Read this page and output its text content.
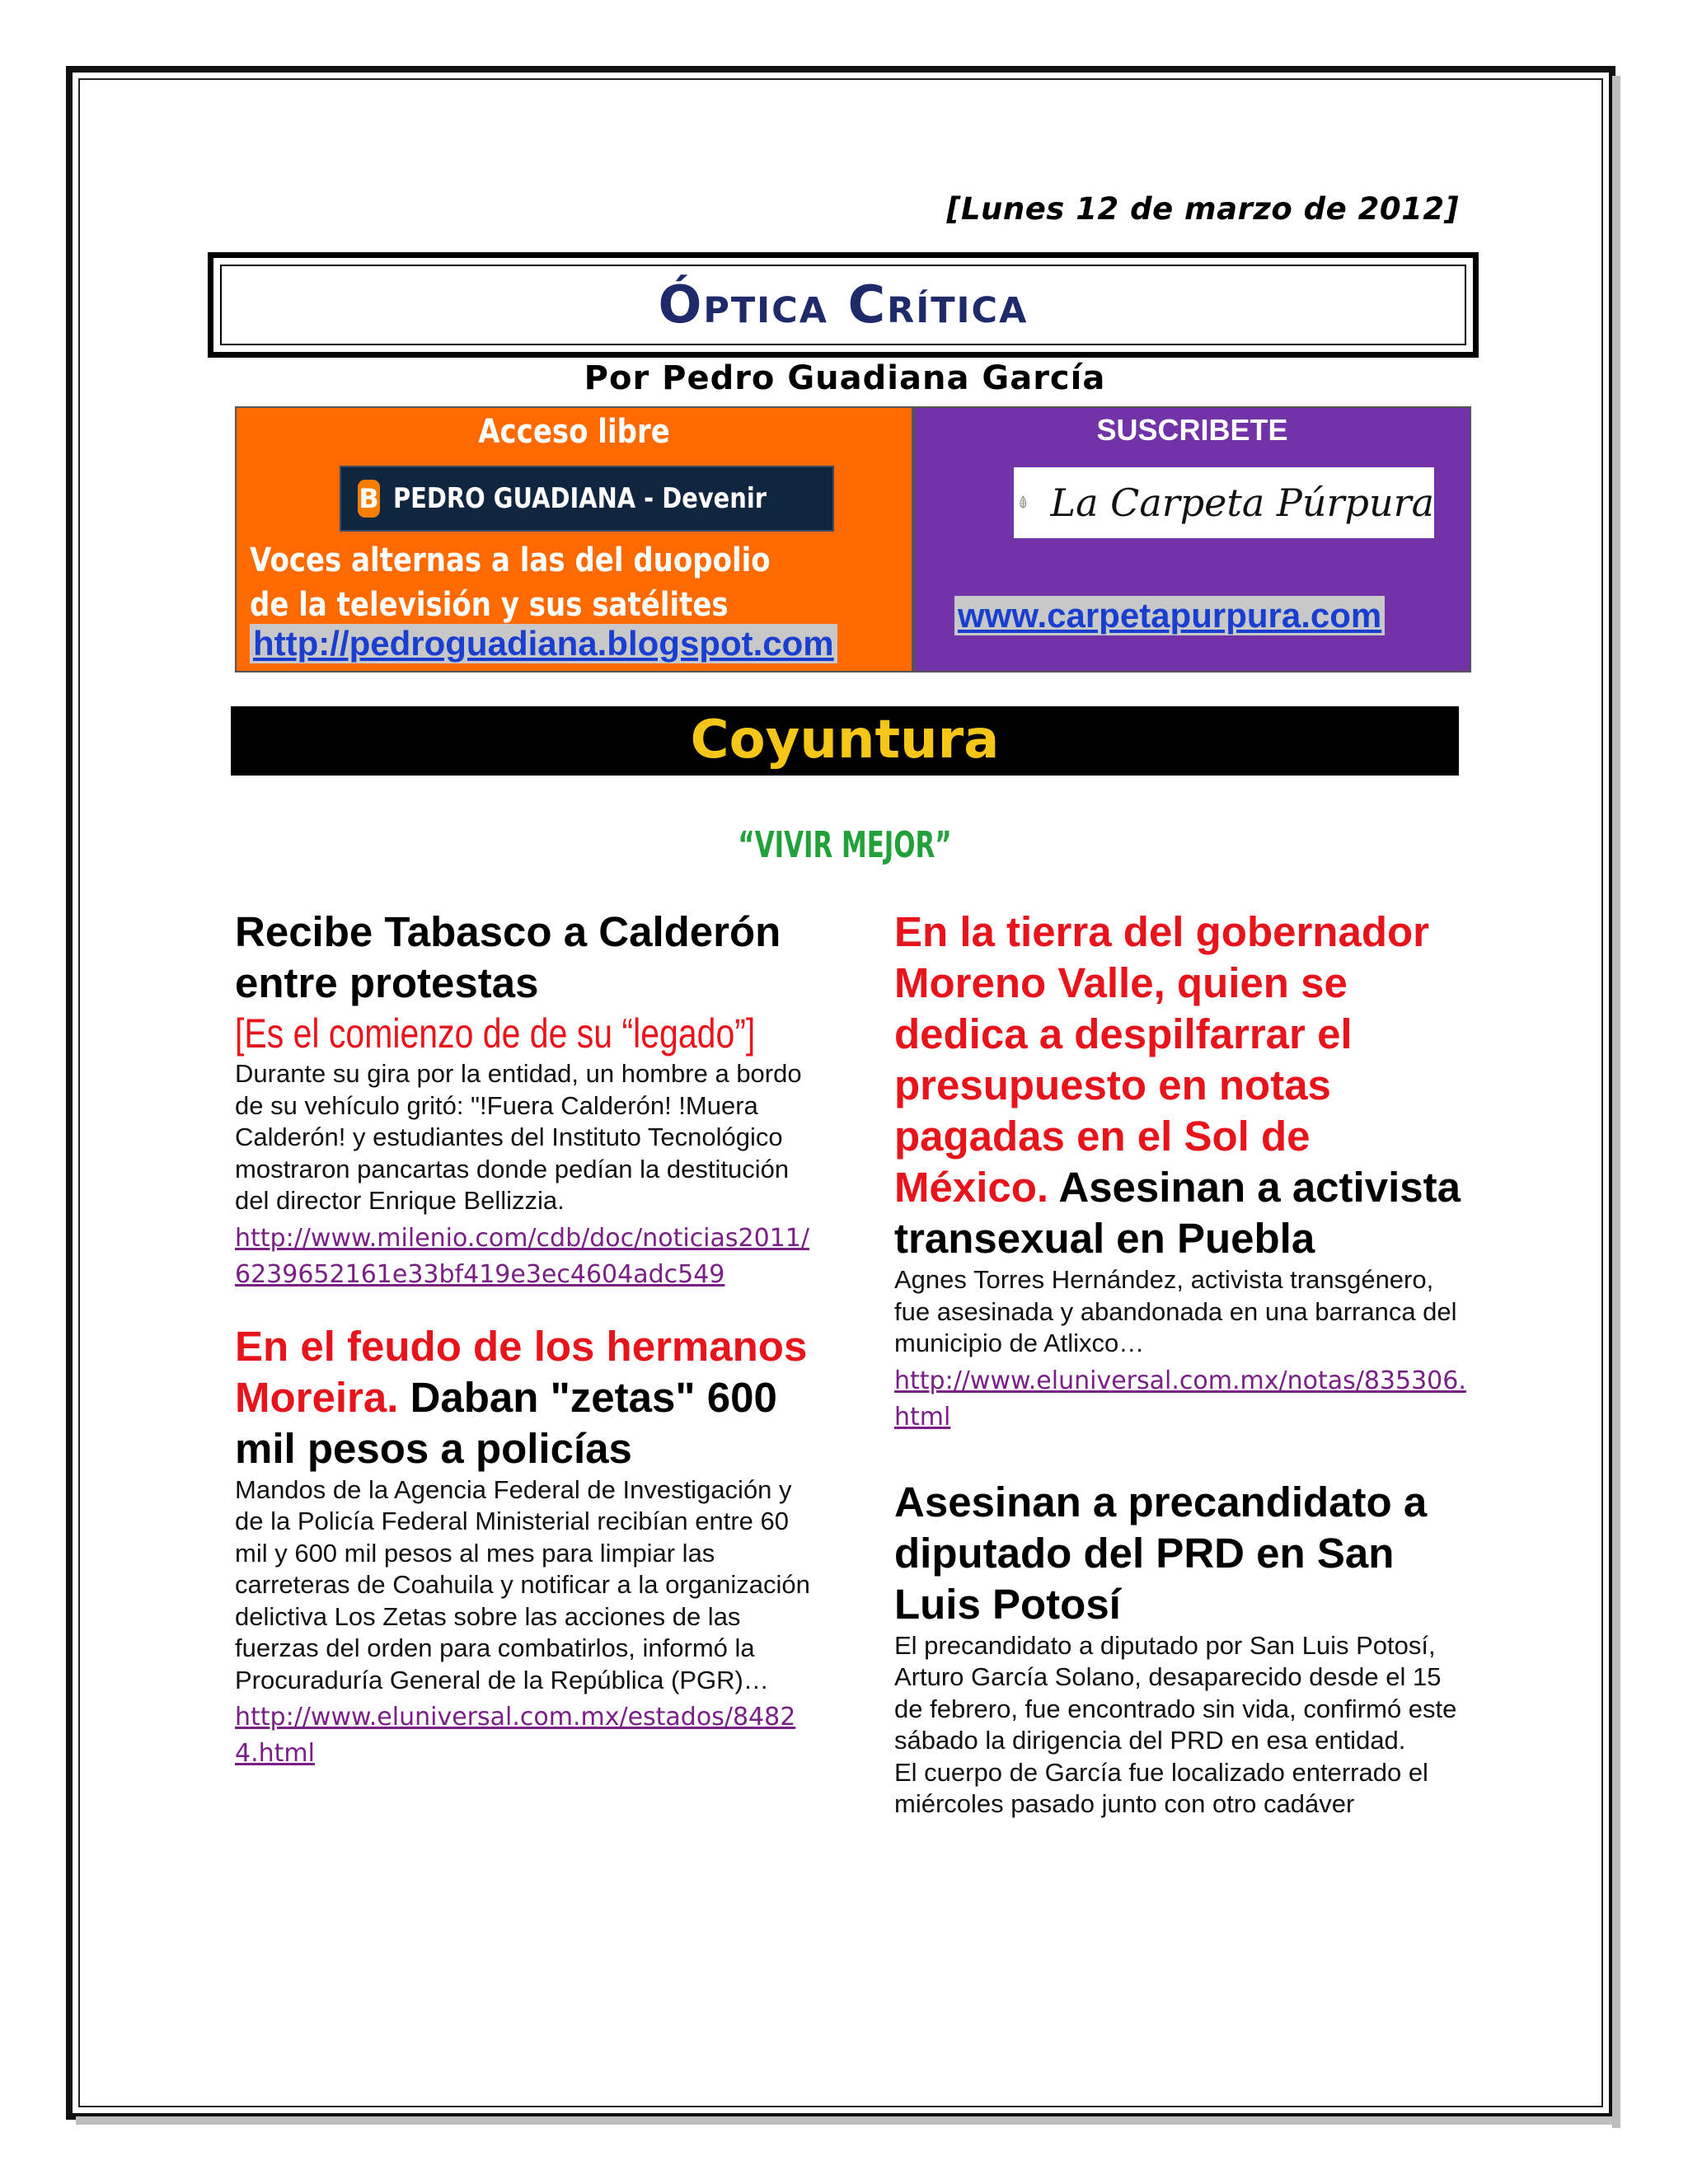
[Lunes 12 de marzo de 2012]
Óptica Crítica
Por Pedro Guadiana García
Acceso libre
B
PEDRO GUADIANA - Devenir
Voces alternas a las del duopolio de la televisión y sus satélites
http://pedroguadiana.blogspot.com
SUSCRIBETE
La Carpeta Púrpura
www.carpetapurpura.com
Coyuntura
“VIVIR MEJOR”

Recibe Tabasco a Calderón entre protestas

[Es el comienzo de de su “legado”]

Durante su gira por la entidad, un hombre a bordo de su vehículo gritó: "!Fuera Calderón! !Muera Calderón! y estudiantes del Instituto Tecnológico mostraron pancartas donde pedían la destitución del director Enrique Bellizzia.

http://www.milenio.com/cdb/doc/noticias2011/6239652161e33bf419e3ec4604adc549

En el feudo de los hermanos Moreira. Daban "zetas" 600 mil pesos a policías

Mandos de la Agencia Federal de Investigación y de la Policía Federal Ministerial recibían entre 60 mil y 600 mil pesos al mes para limpiar las carreteras de Coahuila y notificar a la organización delictiva Los Zetas sobre las acciones de las fuerzas del orden para combatirlos, informó la Procuraduría General de la República (PGR)…

http://www.eluniversal.com.mx/estados/84824.html

En la tierra del gobernador Moreno Valle, quien se dedica a despilfarrar el presupuesto en notas pagadas en el Sol de México. Asesinan a activista transexual en Puebla

Agnes Torres Hernández, activista transgénero, fue asesinada y abandonada en una barranca del municipio de Atlixco…

http://www.eluniversal.com.mx/notas/835306.html

Asesinan a precandidato a diputado del PRD en San Luis Potosí

El precandidato a diputado por San Luis Potosí, Arturo García Solano, desaparecido desde el 15 de febrero, fue encontrado sin vida, confirmó este sábado la dirigencia del PRD en esa entidad.

El cuerpo de García fue localizado enterrado el miércoles pasado junto con otro cadáver
